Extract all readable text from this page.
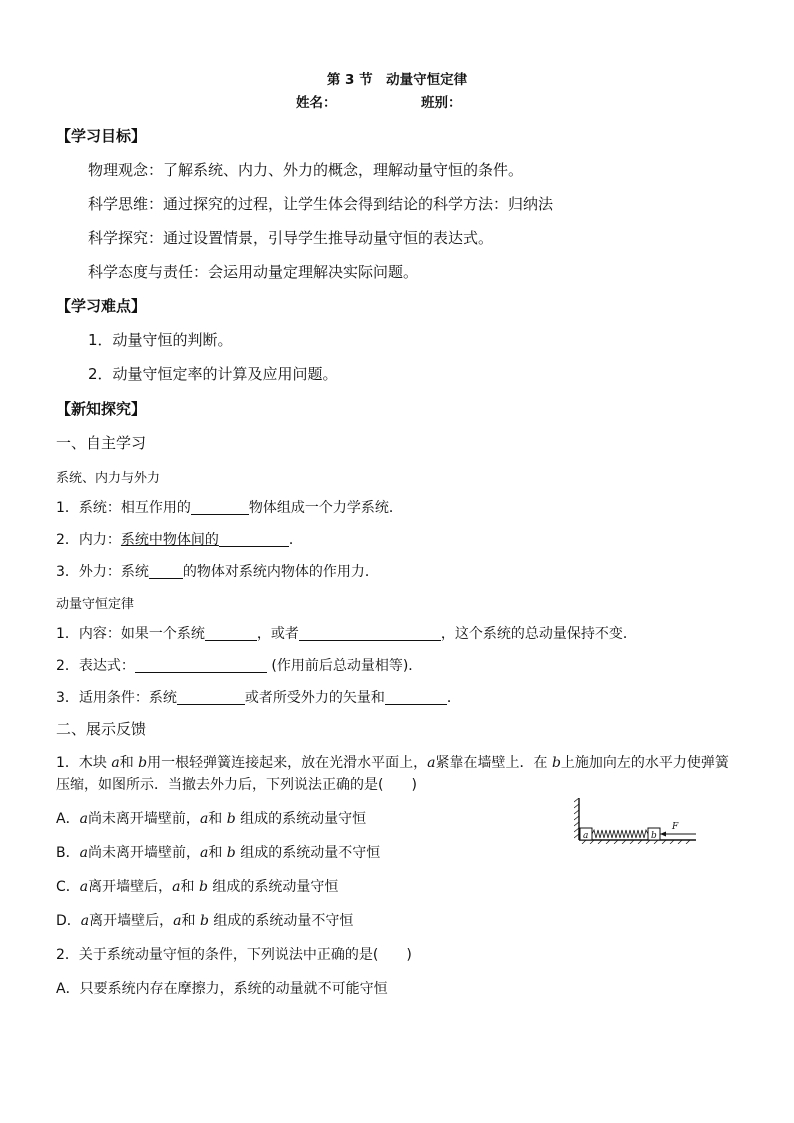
第 3 节　动量守恒定律
姓名：	班别：
【学习目标】
物理观念：了解系统、内力、外力的概念，理解动量守恒的条件。
科学思维：通过探究的过程，让学生体会得到结论的科学方法：归纳法
科学探究：通过设置情景，引导学生推导动量守恒的表达式。
科学态度与责任：会运用动量定理解决实际问题。
【学习难点】
1．动量守恒的判断。
2．动量守恒定率的计算及应用问题。
【新知探究】
一、自主学习
系统、内力与外力
1．系统：相互作用的	物体组成一个力学系统．
2．内力：系统中物体间的	．
3．外力：系统 的物体对系统内物体的作用力．
动量守恒定律
1．内容：如果一个系统	，或者	，这个系统的总动量保持不变．
2．表达式：	(作用前后总动量相等)．
3．适用条件：系统	或者所受外力的矢量和	．
二、展示反馈
1．木块 a和 b用一根轻弹簧连接起来，放在光滑水平面上，a紧靠在墙壁上．在 b上施加向左的水平力使弹簧
压缩，如图所示．当撤去外力后，下列说法正确的是(　　)
A．a尚未离开墙壁前，a和 b 组成的系统动量守恒
B．a尚未离开墙壁前，a和 b 组成的系统动量不守恒
C．a离开墙壁后，a和 b 组成的系统动量守恒
D．a离开墙壁后，a和 b 组成的系统动量不守恒
a	b
F
2．关于系统动量守恒的条件，下列说法中正确的是(　　)
A．只要系统内存在摩擦力，系统的动量就不可能守恒
